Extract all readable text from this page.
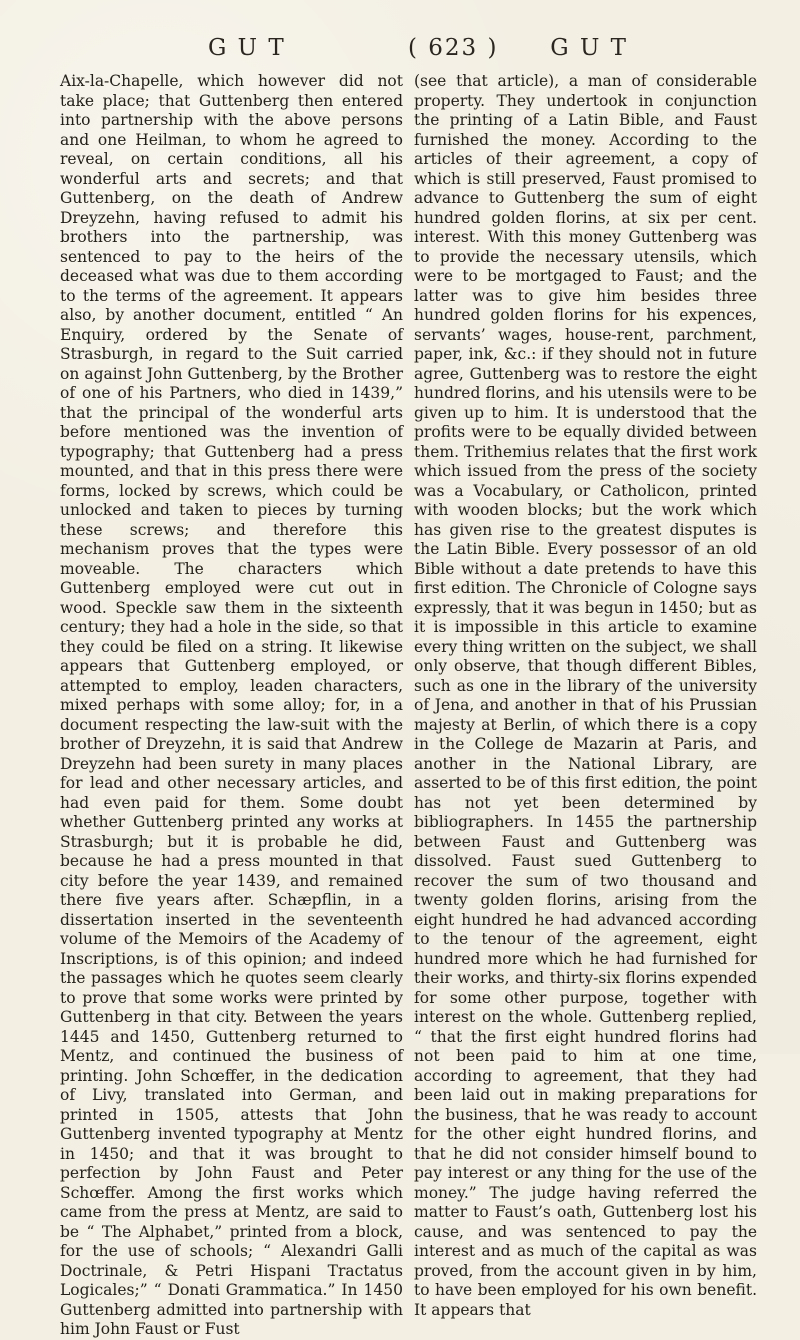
G U T	( 623 ) G U T

Aix-la-Chapelle, which however did not take place; that Guttenberg then entered into partnership with the above persons and one Heilman, to whom he agreed to reveal, on certain conditions, all his wonderful arts and secrets; and that Guttenberg, on the death of Andrew Dreyzehn, having refused to admit his brothers into the partnership, was sentenced to pay to the heirs of the deceased what was due to them according to the terms of the agreement. It appears also, by another document, entitled “ An Enquiry, ordered by the Senate of Strasburgh, in regard to the Suit carried on against John Guttenberg, by the Brother of one of his Partners, who died in 1439,” that the principal of the wonderful arts before mentioned was the invention of typography; that Guttenberg had a press mounted, and that in this press there were forms, locked by screws, which could be unlocked and taken to pieces by turning these screws; and therefore this mechanism proves that the types were moveable. The characters which Guttenberg employed were cut out in wood. Speckle saw them in the sixteenth century; they had a hole in the side, so that they could be filed on a string. It likewise appears that Guttenberg employed, or attempted to employ, leaden characters, mixed perhaps with some alloy; for, in a document respecting the law-suit with the brother of Dreyzehn, it is said that Andrew Dreyzehn had been surety in many places for lead and other necessary articles, and had even paid for them. Some doubt whether Guttenberg printed any works at Strasburgh; but it is probable he did, because he had a press mounted in that city before the year 1439, and remained there five years after. Schæpflin, in a dissertation inserted in the seventeenth volume of the Memoirs of the Academy of Inscriptions, is of this opinion; and indeed the passages which he quotes seem clearly to prove that some works were printed by Guttenberg in that city. Between the years 1445 and 1450, Guttenberg returned to Mentz, and continued the business of printing. John Schœffer, in the dedication of Livy, translated into German, and printed in 1505, attests that John Guttenberg invented typography at Mentz in 1450; and that it was brought to perfection by John Faust and Peter Schœffer. Among the first works which came from the press at Mentz, are said to be “ The Alphabet,” printed from a block, for the use of schools; “ Alexandri Galli Doctrinale, & Petri Hispani Tractatus Logicales;” “ Donati Grammatica.” In 1450 Guttenberg admitted into partnership with him John Faust or Fust

(see that article), a man of considerable property. They undertook in conjunction the printing of a Latin Bible, and Faust furnished the money. According to the articles of their agreement, a copy of which is still preserved, Faust promised to advance to Guttenberg the sum of eight hundred golden florins, at six per cent. interest. With this money Guttenberg was to provide the necessary utensils, which were to be mortgaged to Faust; and the latter was to give him besides three hundred golden florins for his expences, servants’ wages, house-rent, parchment, paper, ink, &c.: if they should not in future agree, Guttenberg was to restore the eight hundred florins, and his utensils were to be given up to him. It is understood that the profits were to be equally divided between them. Trithemius relates that the first work which issued from the press of the society was a Vocabulary, or Catholicon, printed with wooden blocks; but the work which has given rise to the greatest disputes is the Latin Bible. Every possessor of an old Bible without a date pretends to have this first edition. The Chronicle of Cologne says expressly, that it was begun in 1450; but as it is impossible in this article to examine every thing written on the subject, we shall only observe, that though different Bibles, such as one in the library of the university of Jena, and another in that of his Prussian majesty at Berlin, of which there is a copy in the College de Mazarin at Paris, and another in the National Library, are asserted to be of this first edition, the point has not yet been determined by bibliographers. In 1455 the partnership between Faust and Guttenberg was dissolved. Faust sued Guttenberg to recover the sum of two thousand and twenty golden florins, arising from the eight hundred he had advanced according to the tenour of the agreement, eight hundred more which he had furnished for their works, and thirty-six florins expended for some other purpose, together with interest on the whole. Guttenberg replied, “ that the first eight hundred florins had not been paid to him at one time, according to agreement, that they had been laid out in making preparations for the business, that he was ready to account for the other eight hundred florins, and that he did not consider himself bound to pay interest or any thing for the use of the money.” The judge having referred the matter to Faust’s oath, Guttenberg lost his cause, and was sentenced to pay the interest and as much of the capital as was proved, from the account given in by him, to have been employed for his own benefit. It appears that
